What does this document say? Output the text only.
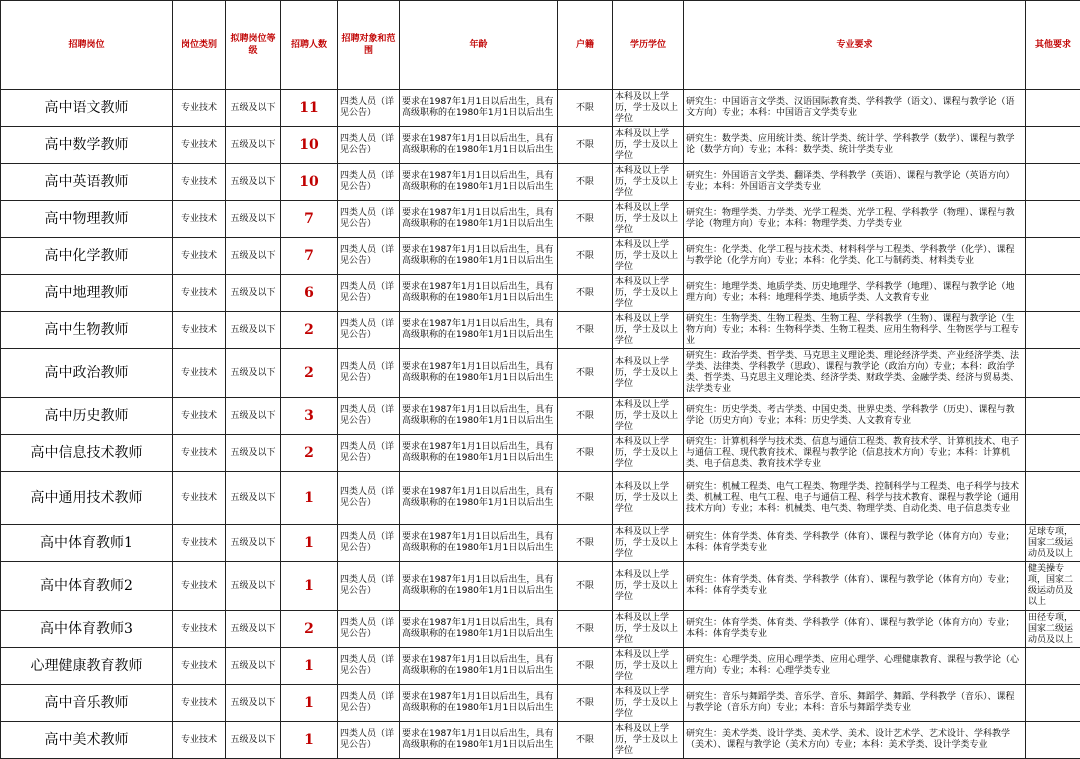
招聘岗位	岗位类别	拟聘岗位等级	招聘人数	招聘对象和范围	年龄	户籍	学历学位	专业要求	其他要求
高中语文教师	专业技术	五级及以下	11	四类人员（详见公告）	要求在1987年1月1日以后出生，具有高级职称的在1980年1月1日以后出生	不限	本科及以上学历，学士及以上学位	研究生：中国语言文学类、汉语国际教育类、学科教学（语文）、课程与教学论（语文方向）专业；本科：中国语言文学类专业	
高中数学教师	专业技术	五级及以下	10	四类人员（详见公告）	要求在1987年1月1日以后出生，具有高级职称的在1980年1月1日以后出生	不限	本科及以上学历，学士及以上学位	研究生：数学类、应用统计类、统计学类、统计学、学科教学（数学）、课程与教学论（数学方向）专业；本科：数学类、统计学类专业	
高中英语教师	专业技术	五级及以下	10	四类人员（详见公告）	要求在1987年1月1日以后出生，具有高级职称的在1980年1月1日以后出生	不限	本科及以上学历，学士及以上学位	研究生：外国语言文学类、翻译类、学科教学（英语）、课程与教学论（英语方向）专业；本科：外国语言文学类专业	
高中物理教师	专业技术	五级及以下	7	四类人员（详见公告）	要求在1987年1月1日以后出生，具有高级职称的在1980年1月1日以后出生	不限	本科及以上学历，学士及以上学位	研究生：物理学类、力学类、光学工程类、光学工程、学科教学（物理）、课程与教学论（物理方向）专业；本科：物理学类、力学类专业	
高中化学教师	专业技术	五级及以下	7	四类人员（详见公告）	要求在1987年1月1日以后出生，具有高级职称的在1980年1月1日以后出生	不限	本科及以上学历，学士及以上学位	研究生：化学类、化学工程与技术类、材料科学与工程类、学科教学（化学）、课程与教学论（化学方向）专业；本科：化学类、化工与制药类、材料类专业	
高中地理教师	专业技术	五级及以下	6	四类人员（详见公告）	要求在1987年1月1日以后出生，具有高级职称的在1980年1月1日以后出生	不限	本科及以上学历，学士及以上学位	研究生：地理学类、地质学类、历史地理学、学科教学（地理）、课程与教学论（地理方向）专业；本科：地理科学类、地质学类、人文教育专业	
高中生物教师	专业技术	五级及以下	2	四类人员（详见公告）	要求在1987年1月1日以后出生，具有高级职称的在1980年1月1日以后出生	不限	本科及以上学历，学士及以上学位	研究生：生物学类、生物工程类、生物工程、学科教学（生物）、课程与教学论（生物方向）专业；本科：生物科学类、生物工程类、应用生物科学、生物医学与工程专业	
高中政治教师	专业技术	五级及以下	2	四类人员（详见公告）	要求在1987年1月1日以后出生，具有高级职称的在1980年1月1日以后出生	不限	本科及以上学历，学士及以上学位	研究生：政治学类、哲学类、马克思主义理论类、理论经济学类、产业经济学类、法学类、法律类、学科教学（思政）、课程与教学论（政治方向）专业；本科：政治学类、哲学类、马克思主义理论类、经济学类、财政学类、金融学类、经济与贸易类、法学类专业	
高中历史教师	专业技术	五级及以下	3	四类人员（详见公告）	要求在1987年1月1日以后出生，具有高级职称的在1980年1月1日以后出生	不限	本科及以上学历，学士及以上学位	研究生：历史学类、考古学类、中国史类、世界史类、学科教学（历史）、课程与教学论（历史方向）专业；本科：历史学类、人文教育专业	
高中信息技术教师	专业技术	五级及以下	2	四类人员（详见公告）	要求在1987年1月1日以后出生，具有高级职称的在1980年1月1日以后出生	不限	本科及以上学历，学士及以上学位	研究生：计算机科学与技术类、信息与通信工程类、教育技术学、计算机技术、电子与通信工程、现代教育技术、课程与教学论（信息技术方向）专业；本科：计算机类、电子信息类、教育技术学专业	
高中通用技术教师	专业技术	五级及以下	1	四类人员（详见公告）	要求在1987年1月1日以后出生，具有高级职称的在1980年1月1日以后出生	不限	本科及以上学历，学士及以上学位	研究生：机械工程类、电气工程类、物理学类、控制科学与工程类、电子科学与技术类、机械工程、电气工程、电子与通信工程、科学与技术教育、课程与教学论（通用技术方向）专业；本科：机械类、电气类、物理学类、自动化类、电子信息类专业	
高中体育教师1	专业技术	五级及以下	1	四类人员（详见公告）	要求在1987年1月1日以后出生，具有高级职称的在1980年1月1日以后出生	不限	本科及以上学历，学士及以上学位	研究生：体育学类、体育类、学科教学（体育）、课程与教学论（体育方向）专业；本科：体育学类专业	足球专项，国家二级运动员及以上
高中体育教师2	专业技术	五级及以下	1	四类人员（详见公告）	要求在1987年1月1日以后出生，具有高级职称的在1980年1月1日以后出生	不限	本科及以上学历，学士及以上学位	研究生：体育学类、体育类、学科教学（体育）、课程与教学论（体育方向）专业；本科：体育学类专业	健美操专项，国家二级运动员及以上
高中体育教师3	专业技术	五级及以下	2	四类人员（详见公告）	要求在1987年1月1日以后出生，具有高级职称的在1980年1月1日以后出生	不限	本科及以上学历，学士及以上学位	研究生：体育学类、体育类、学科教学（体育）、课程与教学论（体育方向）专业；本科：体育学类专业	田径专项，国家二级运动员及以上
心理健康教育教师	专业技术	五级及以下	1	四类人员（详见公告）	要求在1987年1月1日以后出生，具有高级职称的在1980年1月1日以后出生	不限	本科及以上学历，学士及以上学位	研究生：心理学类、应用心理学类、应用心理学、心理健康教育、课程与教学论（心理方向）专业；本科：心理学类专业	
高中音乐教师	专业技术	五级及以下	1	四类人员（详见公告）	要求在1987年1月1日以后出生，具有高级职称的在1980年1月1日以后出生	不限	本科及以上学历，学士及以上学位	研究生：音乐与舞蹈学类、音乐学、音乐、舞蹈学、舞蹈、学科教学（音乐）、课程与教学论（音乐方向）专业；本科：音乐与舞蹈学类专业	
高中美术教师	专业技术	五级及以下	1	四类人员（详见公告）	要求在1987年1月1日以后出生，具有高级职称的在1980年1月1日以后出生	不限	本科及以上学历，学士及以上学位	研究生：美术学类、设计学类、美术学、美术、设计艺术学、艺术设计、学科教学（美术）、课程与教学论（美术方向）专业；本科：美术学类、设计学类专业	
